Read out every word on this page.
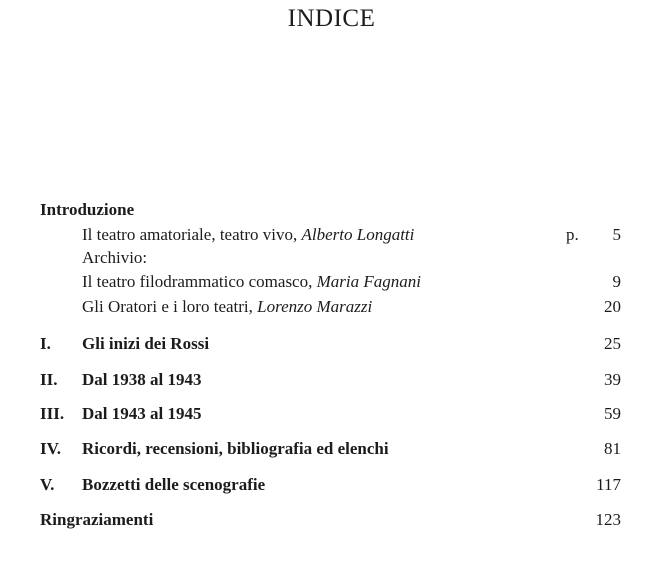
INDICE
Introduzione
Il teatro amatoriale, teatro vivo, Alberto Longatti	p. 5
Archivio:
Il teatro filodrammatico comasco, Maria Fagnani	9
Gli Oratori e i loro teatri, Lorenzo Marazzi	20
I. Gli inizi dei Rossi	25
II. Dal 1938 al 1943	39
III. Dal 1943 al 1945	59
IV. Ricordi, recensioni, bibliografia ed elenchi	81
V. Bozzetti delle scenografie	117
Ringraziamenti	123
